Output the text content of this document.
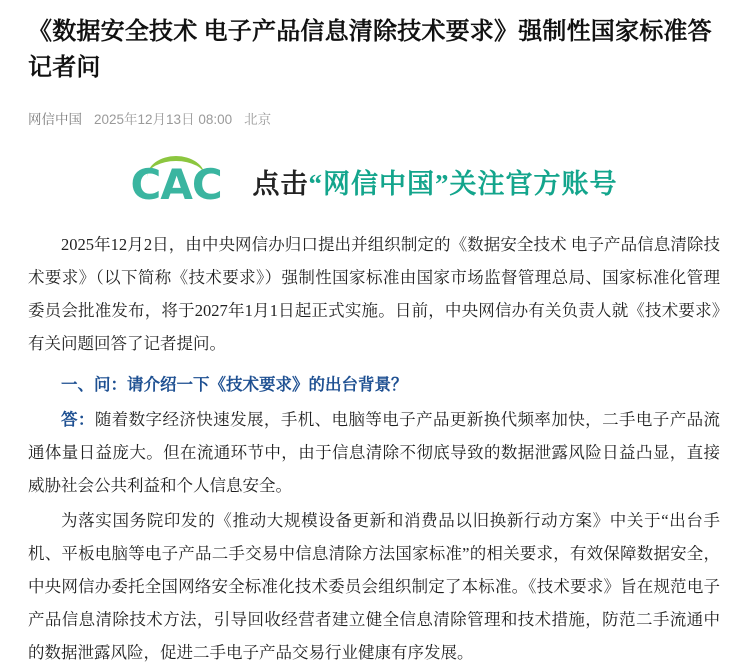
《数据安全技术 电子产品信息清除技术要求》强制性国家标准答记者问
网信中国 2025年12月13日 08:00 北京
CAC 点击“网信中国”关注官方账号

2025年12月2日，由中央网信办归口提出并组织制定的《数据安全技术 电子产品信息清除技术要求》（以下简称《技术要求》）强制性国家标准由国家市场监督管理总局、国家标准化管理委员会批准发布，将于2027年1月1日起正式实施。日前，中央网信办有关负责人就《技术要求》有关问题回答了记者提问。

一、问：请介绍一下《技术要求》的出台背景？

答：随着数字经济快速发展，手机、电脑等电子产品更新换代频率加快，二手电子产品流通体量日益庞大。但在流通环节中，由于信息清除不彻底导致的数据泄露风险日益凸显，直接威胁社会公共利益和个人信息安全。

为落实国务院印发的《推动大规模设备更新和消费品以旧换新行动方案》中关于“出台手机、平板电脑等电子产品二手交易中信息清除方法国家标准”的相关要求，有效保障数据安全，中央网信办委托全国网络安全标准化技术委员会组织制定了本标准。《技术要求》旨在规范电子产品信息清除技术方法，引导回收经营者建立健全信息清除管理和技术措施，防范二手流通中的数据泄露风险，促进二手电子产品交易行业健康有序发展。
